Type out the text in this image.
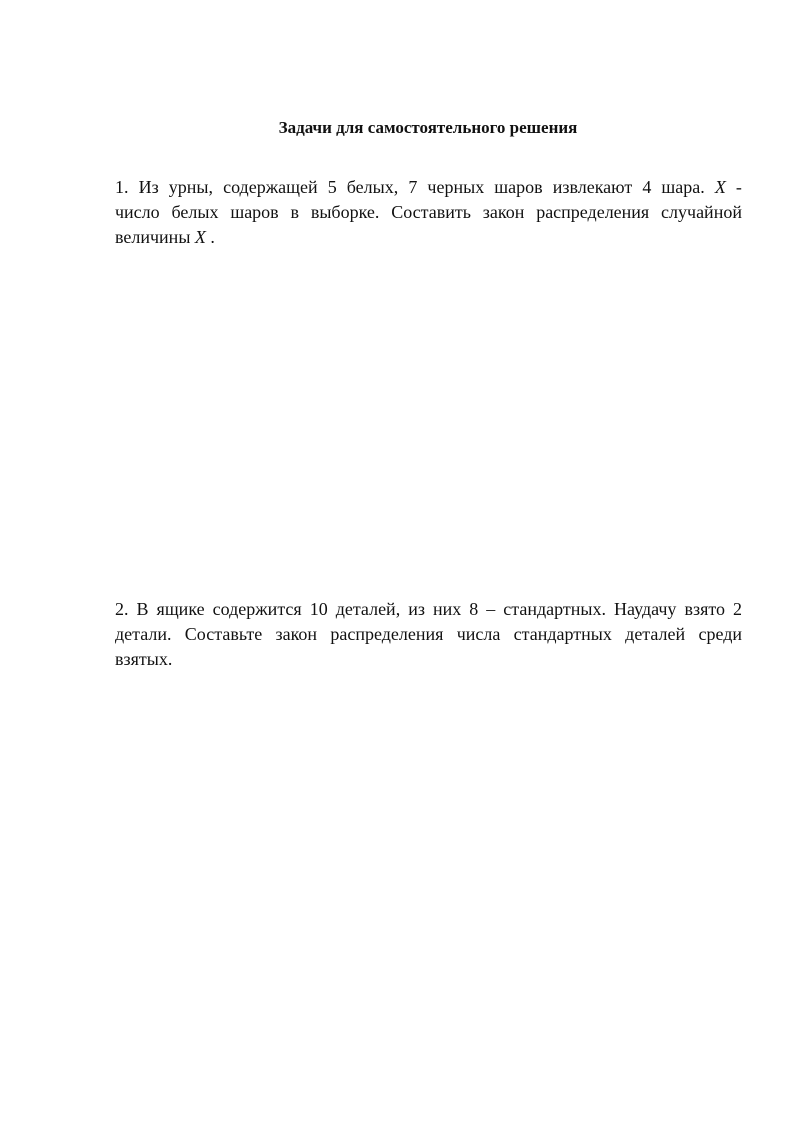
Задачи для самостоятельного решения
1. Из урны, содержащей 5 белых, 7 черных шаров извлекают 4 шара. X -
число белых шаров в выборке. Составить закон распределения случайной
величины X .
2. В ящике содержится 10 деталей, из них 8 – стандартных. Наудачу взято 2
детали. Составьте закон распределения числа стандартных деталей среди
взятых.
